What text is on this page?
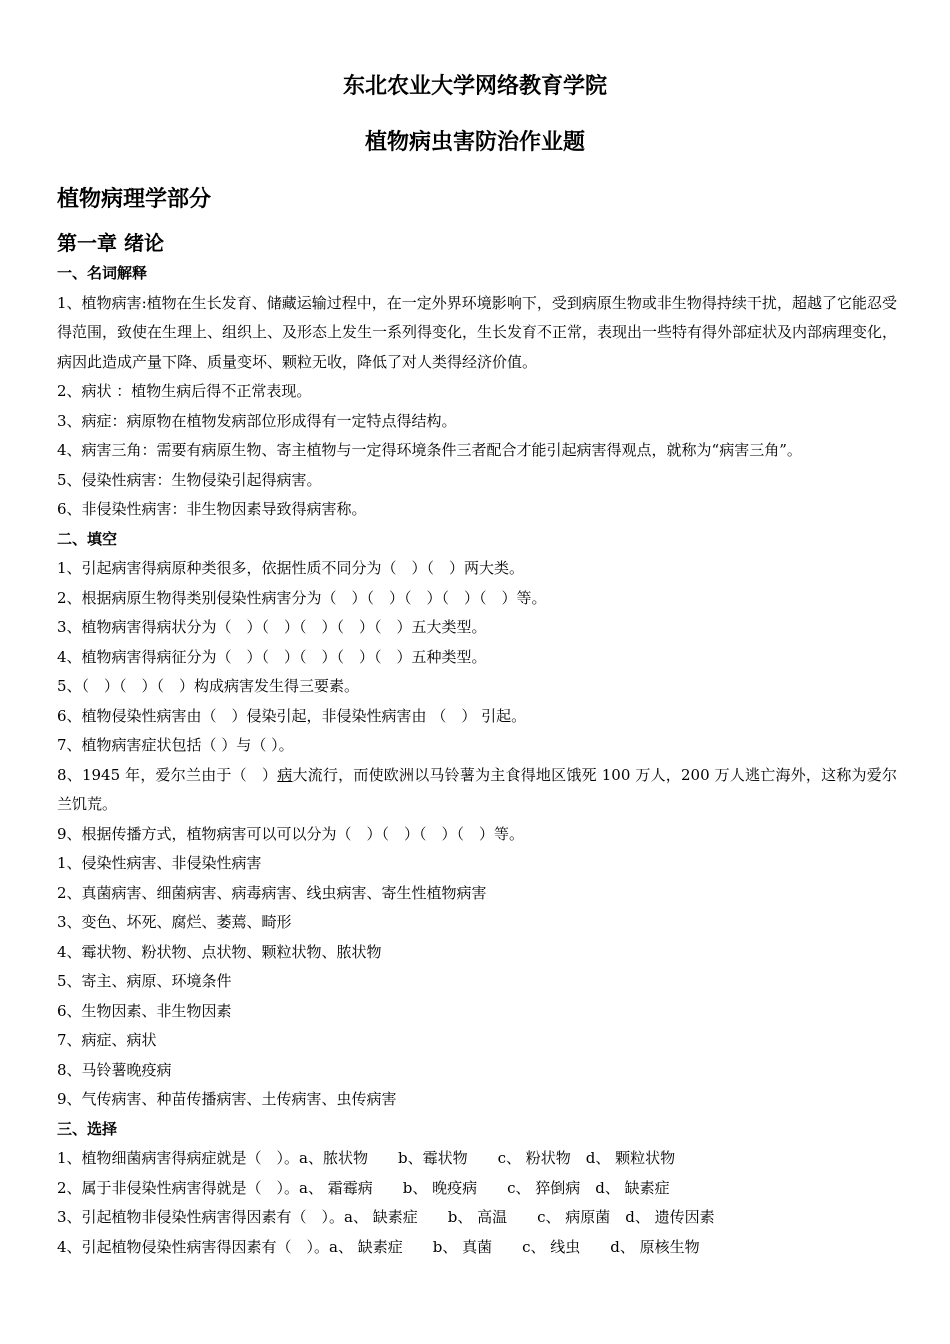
东北农业大学网络教育学院
植物病虫害防治作业题
植物病理学部分
第一章 绪论

一、名词解释

1、植物病害:植物在生长发育、储藏运输过程中，在一定外界环境影响下，受到病原生物或非生物得持续干扰，超越了它能忍受得范围，致使在生理上、组织上、及形态上发生一系列得变化，生长发育不正常，表现出一些特有得外部症状及内部病理变化，病因此造成产量下降、质量变坏、颗粒无收，降低了对人类得经济价值。

2、病状 ：植物生病后得不正常表现。

3、病症：病原物在植物发病部位形成得有一定特点得结构。

4、病害三角：需要有病原生物、寄主植物与一定得环境条件三者配合才能引起病害得观点，就称为“病害三角”。

5、侵染性病害：生物侵染引起得病害。

6、非侵染性病害：非生物因素导致得病害称。

二、填空

1、引起病害得病原种类很多，依据性质不同分为（　）（　）两大类。

2、根据病原生物得类别侵染性病害分为（　）（　）（　）（　）（　）等。

3、植物病害得病状分为（　）（　）（　）（　）（　）五大类型。

4、植物病害得病征分为（　）（　）（　）（　）（　）五种类型。

5、（　）（　）（　）构成病害发生得三要素。

6、植物侵染性病害由（　）侵染引起，非侵染性病害由 （　） 引起。

7、植物病害症状包括（ ）与（ ）。

8、1945 年，爱尔兰由于（　）病大流行，而使欧洲以马铃薯为主食得地区饿死 100 万人，200 万人逃亡海外，这称为爱尔兰饥荒。

9、根据传播方式，植物病害可以可以分为（　）（　）（　）（　）等。

1、侵染性病害、非侵染性病害

2、真菌病害、细菌病害、病毒病害、线虫病害、寄生性植物病害

3、变色、坏死、腐烂、萎蔫、畸形

4、霉状物、粉状物、点状物、颗粒状物、脓状物

5、寄主、病原、环境条件

6、生物因素、非生物因素

7、病症、病状

8、马铃薯晚疫病

9、气传病害、种苗传播病害、土传病害、虫传病害

三、选择

1、植物细菌病害得病症就是（　）。a、脓状物　　b、霉状物　　c、 粉状物　d、 颗粒状物

2、属于非侵染性病害得就是（　）。a、 霜霉病　　b、 晚疫病　　c、 猝倒病　d、 缺素症

3、引起植物非侵染性病害得因素有（　）。a、 缺素症　　b、 高温　　c、 病原菌　d、 遗传因素

4、引起植物侵染性病害得因素有（　）。a、 缺素症　　b、 真菌　　c、 线虫　　d、 原核生物
